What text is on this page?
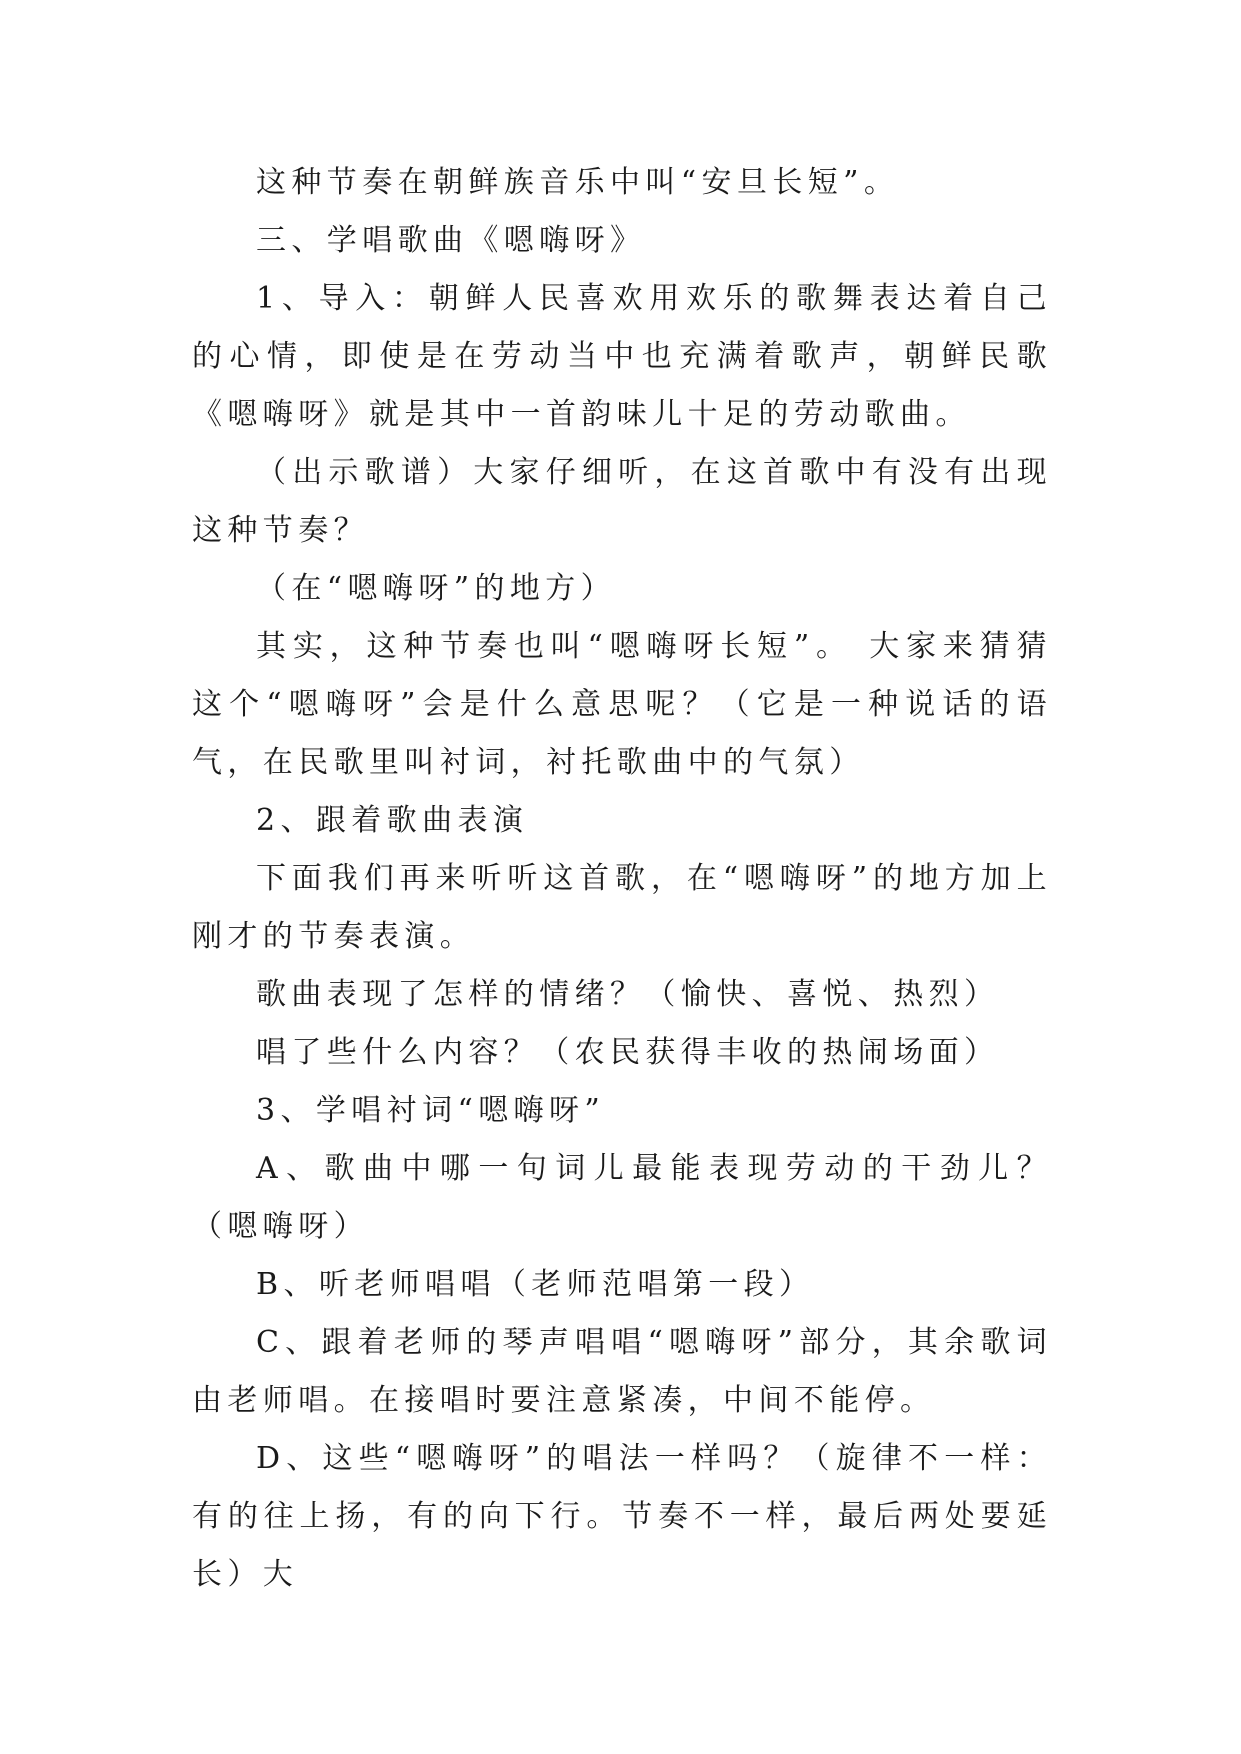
这种节奏在朝鲜族音乐中叫“安旦长短”。

三、学唱歌曲《嗯嗨呀》

1、导入：朝鲜人民喜欢用欢乐的歌舞表达着自己的心情，即使是在劳动当中也充满着歌声，朝鲜民歌《嗯嗨呀》就是其中一首韵味儿十足的劳动歌曲。

（出示歌谱）大家仔细听，在这首歌中有没有出现这种节奏？

（在“嗯嗨呀”的地方）

其实，这种节奏也叫“嗯嗨呀长短”。 大家来猜猜这个“嗯嗨呀”会是什么意思呢？（它是一种说话的语气，在民歌里叫衬词，衬托歌曲中的气氛）

2、跟着歌曲表演

下面我们再来听听这首歌，在“嗯嗨呀”的地方加上刚才的节奏表演。

歌曲表现了怎样的情绪？（愉快、喜悦、热烈）

唱了些什么内容？（农民获得丰收的热闹场面）

3、学唱衬词“嗯嗨呀”

A、歌曲中哪一句词儿最能表现劳动的干劲儿？（嗯嗨呀）

B、听老师唱唱（老师范唱第一段）

C、跟着老师的琴声唱唱“嗯嗨呀”部分，其余歌词由老师唱。在接唱时要注意紧凑，中间不能停。

D、这些“嗯嗨呀”的唱法一样吗？（旋律不一样：有的往上扬，有的向下行。节奏不一样，最后两处要延长）大
